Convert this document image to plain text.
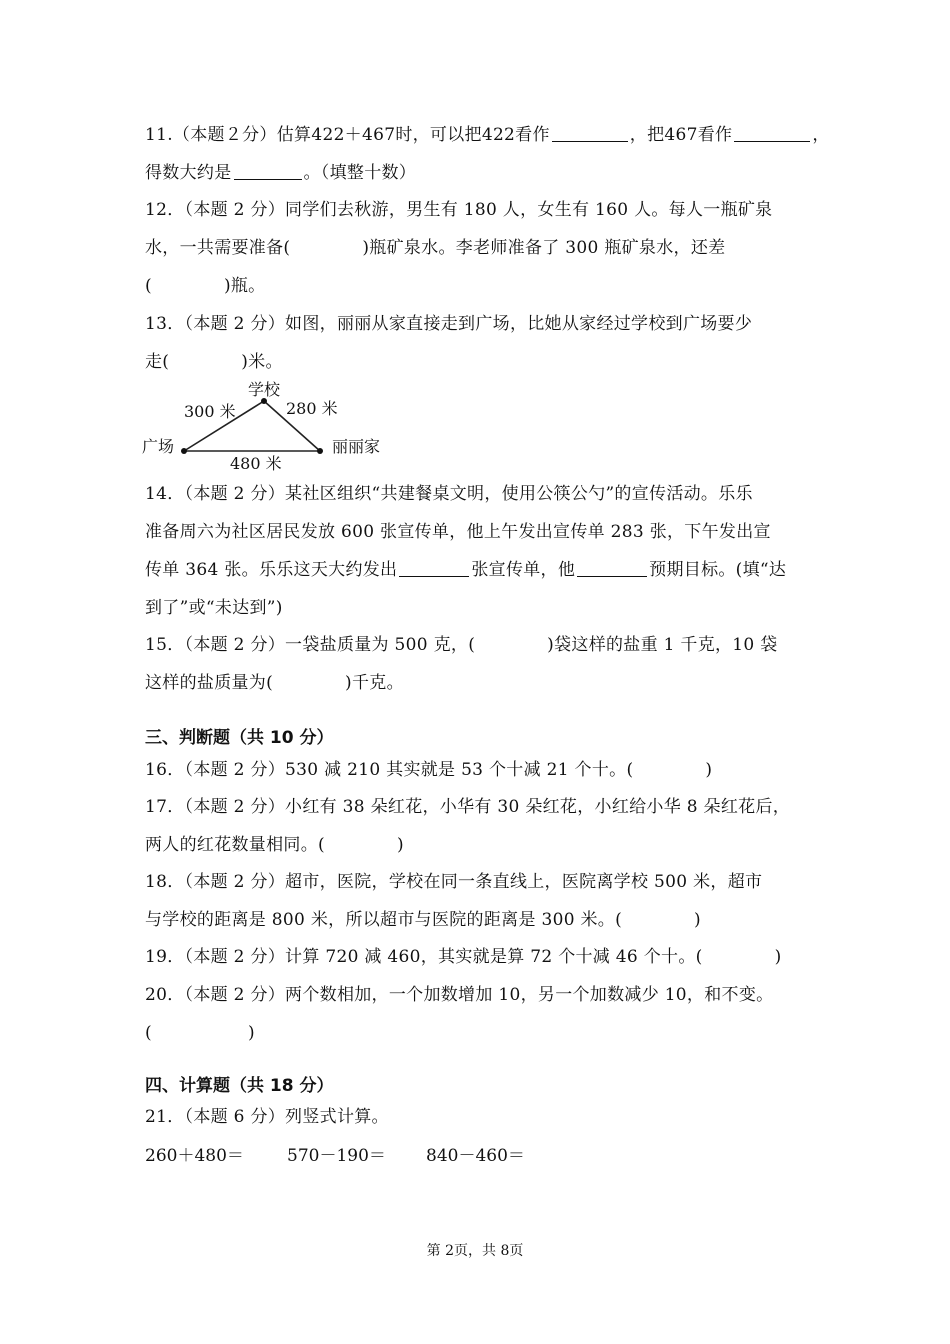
11.（本题２分）估算422＋467时，可以把422看作	，把467看作	，
得数大约是	。（填整十数）
12．（本题 2 分）同学们去秋游，男生有 180 人，女生有 160 人。每人一瓶矿泉
水，一共需要准备(	)瓶矿泉水。李老师准备了 300 瓶矿泉水，还差
(	)瓶。
13．（本题 2 分）如图，丽丽从家直接走到广场，比她从家经过学校到广场要少
走(	)米。
学校
广场	丽丽家
300 米	280 米
480 米
14．（本题 2 分）某社区组织“共建餐桌文明，使用公筷公勺”的宣传活动。乐乐
准备周六为社区居民发放 600 张宣传单，他上午发出宣传单 283 张，下午发出宣
传单 364 张。乐乐这天大约发出	张宣传单，他	预期目标。(填“达
到了”或“未达到”)
15．（本题 2 分）一袋盐质量为 500 克，(	)袋这样的盐重 1 千克，10 袋
这样的盐质量为(	)千克。
三、判断题（共 10 分）
16．（本题 2 分）530 减 210 其实就是 53 个十减 21 个十。(	)
17．（本题 2 分）小红有 38 朵红花，小华有 30 朵红花，小红给小华 8 朵红花后，
两人的红花数量相同。(	)
18．（本题 2 分）超市，医院，学校在同一条直线上，医院离学校 500 米，超市
与学校的距离是 800 米，所以超市与医院的距离是 300 米。(	)
19．（本题 2 分）计算 720 减 460，其实就是算 72 个十减 46 个十。(	)
20．（本题 2 分）两个数相加，一个加数增加 10，另一个加数减少 10，和不变。
(	)
四、计算题（共 18 分）
21．（本题 6 分）列竖式计算。
260＋480＝	570－190＝ 840－460＝
第 2页，共 8页
